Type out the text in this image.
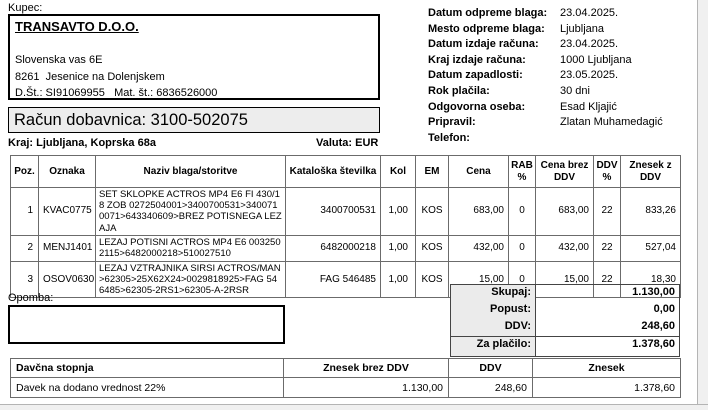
Kupec:
TRANSAVTO D.O.O.
Slovenska vas 6E
8261  Jesenice na Dolenjskem
D.Št.: SI91069955   Mat. št.: 6836526000
Datum odpreme blaga:	23.04.2025.
Mesto odpreme blaga:	Ljubljana
Datum izdaje računa:	23.04.2025.
Kraj izdaje računa:	1000 Ljubljana
Datum zapadlosti:	23.05.2025.
Rok plačila:	30 dni
Odgovorna oseba:	Esad Kljajić
Pripravil:	Zlatan Muhamedagić
Telefon:
Račun dobavnica: 3100-502075
Kraj: Ljubljana, Koprska 68a	Valuta: EUR
Poz.	Oznaka	Naziv blaga/storitve	Kataloška številka	Kol	EM	Cena	RAB %	Cena brez DDV	DDV %	Znesek z DDV
1	KVAC0775	SET SKLOPKE ACTROS MP4 E6 FI 430/18 ZOB 0272504001>3400700531>3400710071>643340609>BREZ POTISNEGA LEZAJA	3400700531	1,00	KOS	683,00	0	683,00	22	833,26
2	MENJ1401	LEZAJ POTISNI ACTROS MP4 E6 0032502115>6482000218>510027510	6482000218	1,00	KOS	432,00	0	432,00	22	527,04
3	OSOV0630	LEZAJ VZTRAJNIKA SIRSI ACTROS/MAN>62305>25X62X24>0029818925>FAG 546485>62305-2RS1>62305-A-2RSR	FAG 546485	1,00	KOS	15,00	0	15,00	22	18,30
Skupaj:	1.130,00
Popust:	0,00
DDV:	248,60
Za plačilo:	1.378,60
Opomba:
Davčna stopnja	Znesek brez DDV	DDV	Znesek
Davek na dodano vrednost 22%	1.130,00	248,60	1.378,60
